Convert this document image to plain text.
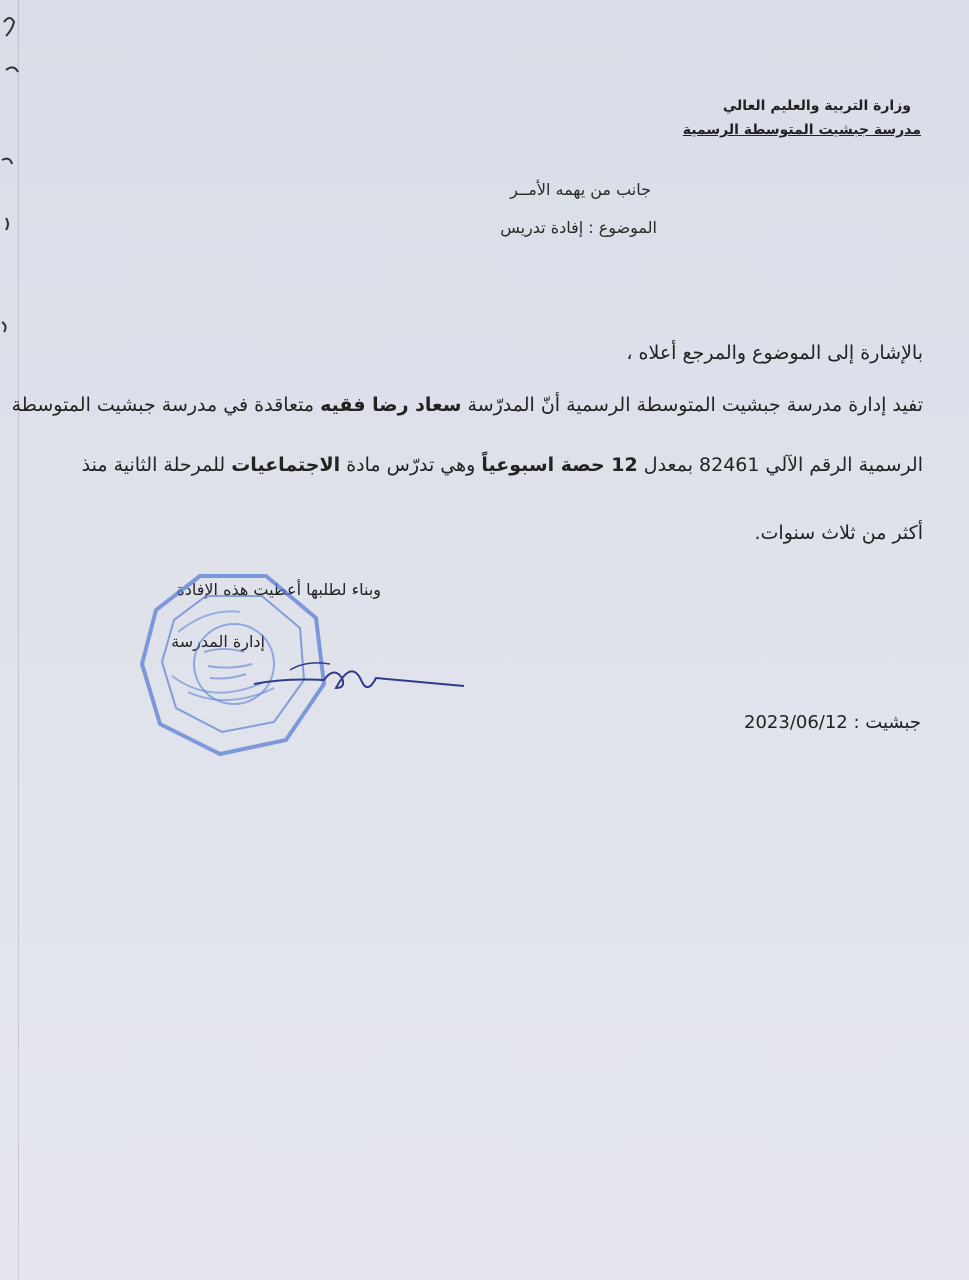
وزارة التربية والعليم العالي
مدرسة جبشيت المتوسطة الرسمية
جانب من يهمه الأمــر
الموضوع : إفادة تدريس
بالإشارة إلى الموضوع والمرجع أعلاه ،
تفيد إدارة مدرسة جبشيت المتوسطة الرسمية أنّ المدرّسة سعاد رضا فقيه متعاقدة في مدرسة جبشيت المتوسطة
الرسمية الرقم الآلي 82461 بمعدل 12 حصة اسبوعياً وهي تدرّس مادة الاجتماعيات للمرحلة الثانية منذ
أكثر من ثلاث سنوات.
وبناء لطلبها أعطيت هذه الإفادة
إدارة المدرسة
جبشيت : 2023/06/12
